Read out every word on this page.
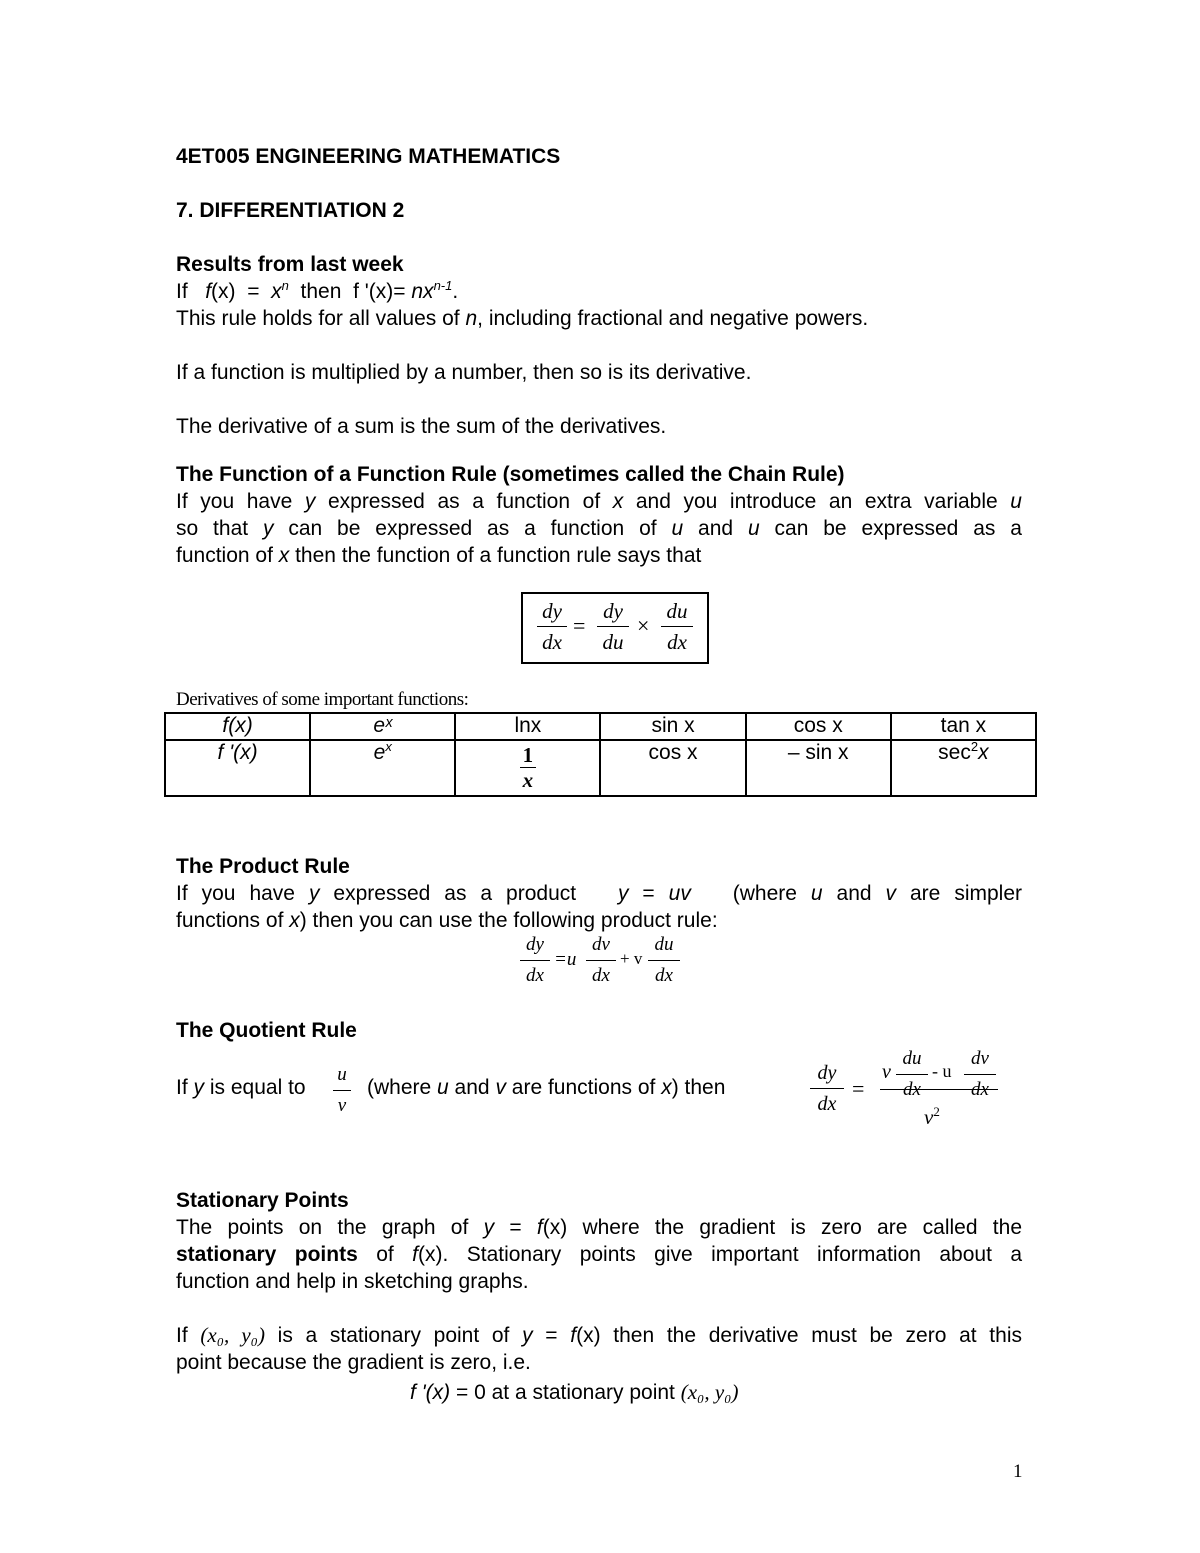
4ET005 ENGINEERING MATHEMATICS
7. DIFFERENTIATION 2
Results from last week
If $f(x) = x^n$ then f '$(x)= nx^{n-1}$.
This rule holds for all values of n, including fractional and negative powers.
If a function is multiplied by a number, then so is its derivative.
The derivative of a sum is the sum of the derivatives.
The Function of a Function Rule (sometimes called the Chain Rule)
If you have y expressed as a function of x and you introduce an extra variable u
so that y can be expressed as a function of u and u can be expressed as a
function of x then the function of a function rule says that
$\frac{dy}{dx} = \frac{dy}{du} \times \frac{du}{dx}$
Derivatives of some important functions:
f(x)	eˣ	lnx	sin x	cos x	tan x
f '(x)	$e^x$	$\frac{1}{x}$	cos x	– sin x	$\sec^2x$
The Product Rule
If you have y expressed as a product   y = uv   (where u and v are simpler
functions of x) then you can use the following product rule:
$\frac{dy}{dx} =u \frac{dv}{dx} + v \frac{du}{dx}$
The Quotient Rule
If y is equal to $\frac{u}{v}$ (where u and v are functions of x) then	$\frac{dy}{dx}$ =
v $\frac{du}{dx}$ - u $\frac{dv}{dx}$
$v^2$
Stationary Points
The points on the graph of y = f(x) where the gradient is zero are called the
stationary points of f(x). Stationary points give important information about a
function and help in sketching graphs.
If (x₀, y₀) is a stationary point of y = f(x) then the derivative must be zero at this
point because the gradient is zero, i.e.
f '(x) = 0 at a stationary point (x₀, y₀)
1
